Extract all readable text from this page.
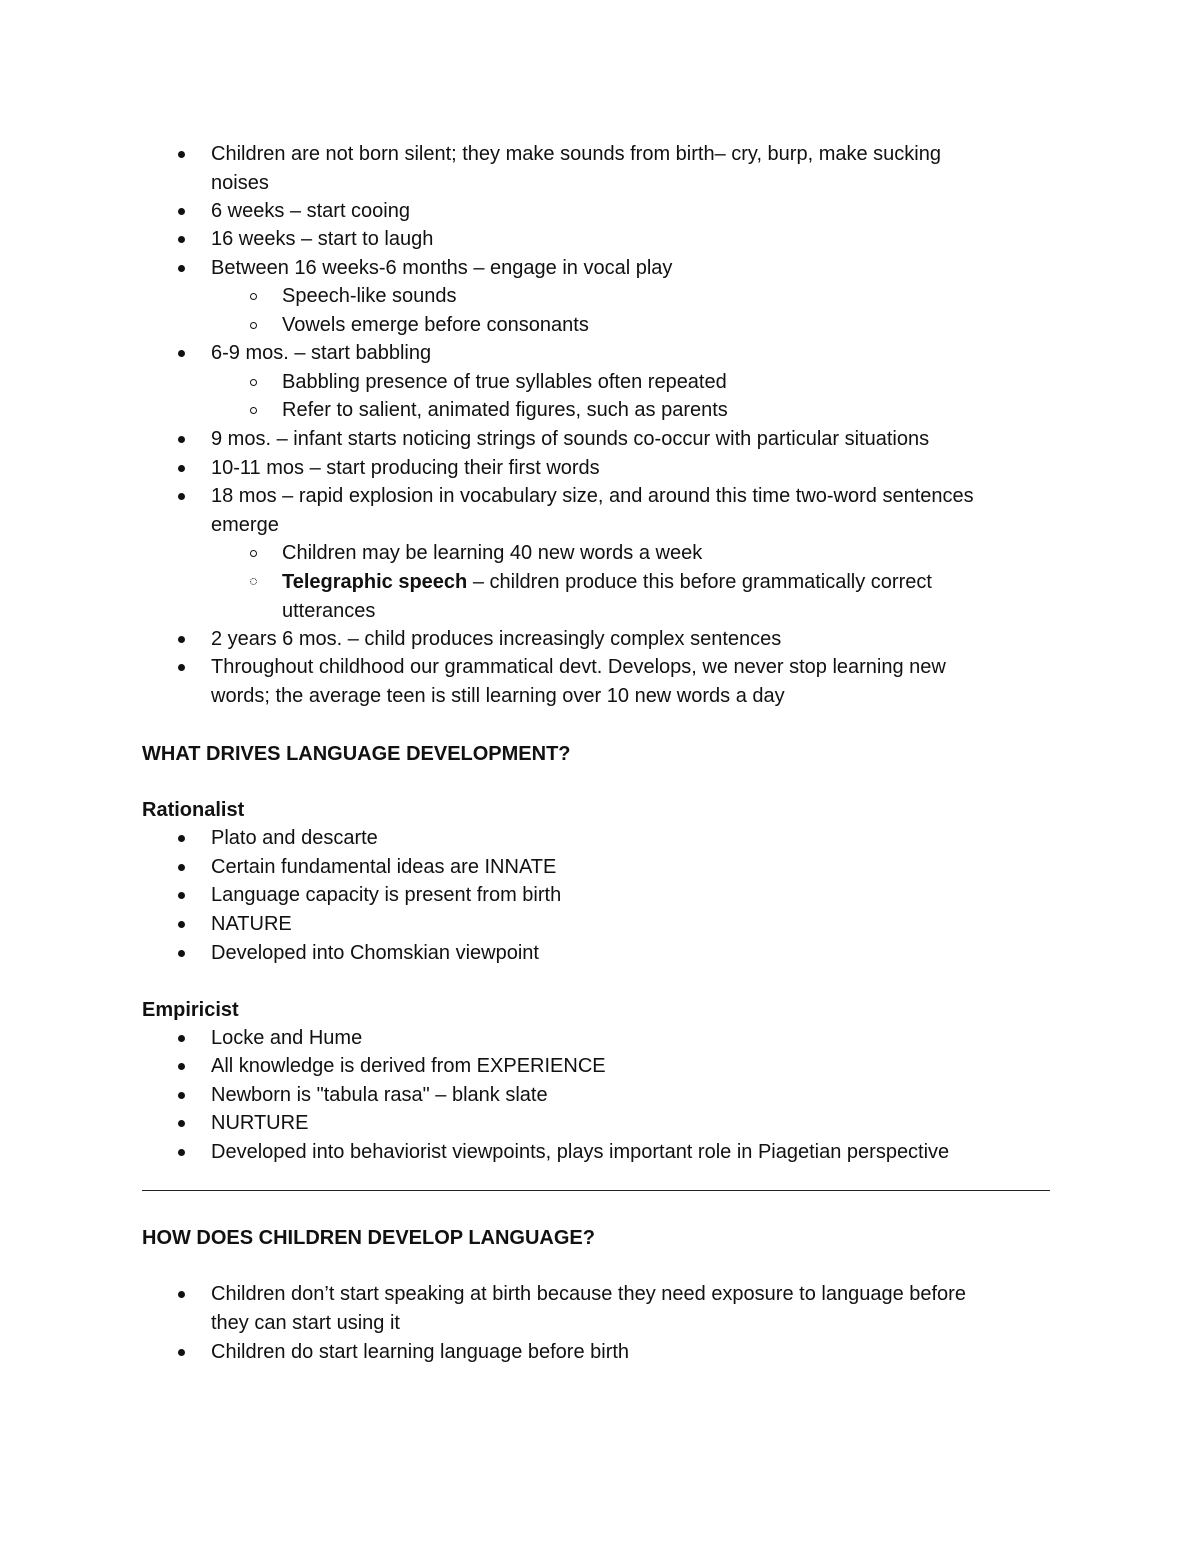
Children are not born silent; they make sounds from birth– cry, burp, make sucking
noises
6 weeks – start cooing
16 weeks – start to laugh
Between 16 weeks-6 months – engage in vocal play
Speech-like sounds
Vowels emerge before consonants
6-9 mos. – start babbling
Babbling presence of true syllables often repeated
Refer to salient, animated figures, such as parents
9 mos. – infant starts noticing strings of sounds co-occur with particular situations
10-11 mos – start producing their first words
18 mos – rapid explosion in vocabulary size, and around this time two-word sentences
emerge
Children may be learning 40 new words a week
Telegraphic speech – children produce this before grammatically correct
utterances
2 years 6 mos. – child produces increasingly complex sentences
Throughout childhood our grammatical devt. Develops, we never stop learning new
words; the average teen is still learning over 10 new words a day
WHAT DRIVES LANGUAGE DEVELOPMENT?
Rationalist
Plato and descarte
Certain fundamental ideas are INNATE
Language capacity is present from birth
NATURE
Developed into Chomskian viewpoint
Empiricist
Locke and Hume
All knowledge is derived from EXPERIENCE
Newborn is "tabula rasa" – blank slate
NURTURE
Developed into behaviorist viewpoints, plays important role in Piagetian perspective
HOW DOES CHILDREN DEVELOP LANGUAGE?
Children don’t start speaking at birth because they need exposure to language before
they can start using it
Children do start learning language before birth
